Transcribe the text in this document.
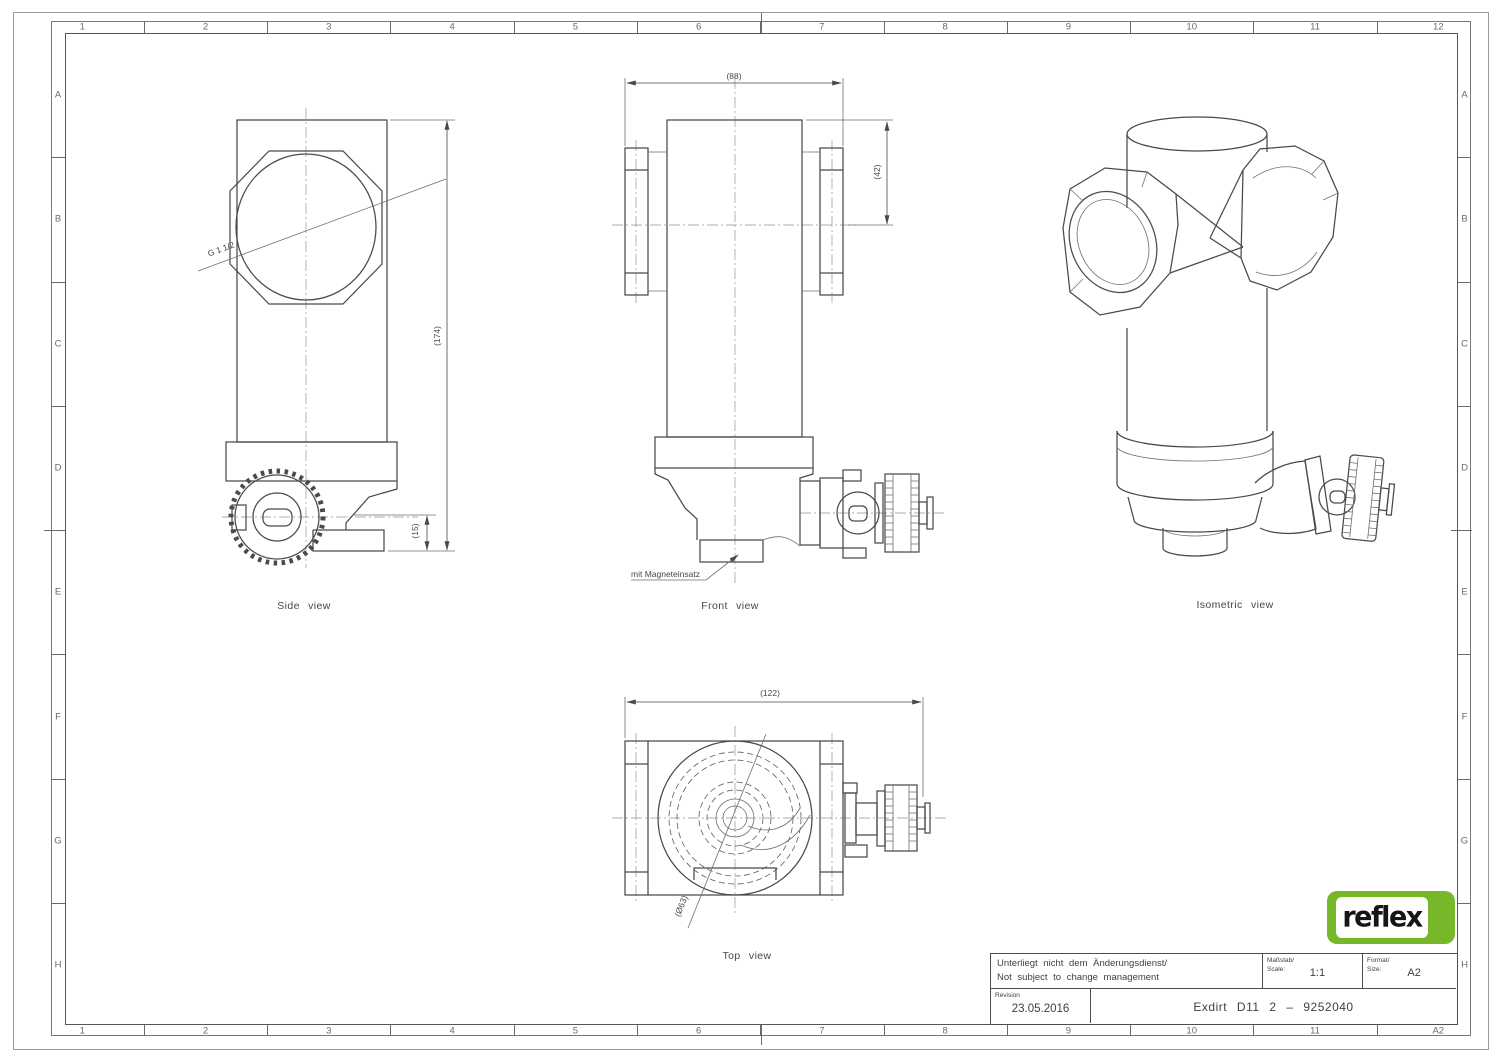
1	2	3	4	5	6	7	8	9	10	11	12
1	2	3	4	5	6	7	8	9	10	11	A2
A
B
C
D
E
F
G
H
A
B
C
D
E
F
G
H
Side view	Front view	Isometric view
Top view
G 1 1/2
(174)
(15)
(88)
(42)
(122)
(Ø63)
mit Magneteinsatz
reflex
Unterliegt nicht dem Änderungsdienst/
Not subject to change management
Maßstab/
Scale:	1:1
Format/
Size:	A2
Revision
23.05.2016	Exdirt D11 2 – 9252040
